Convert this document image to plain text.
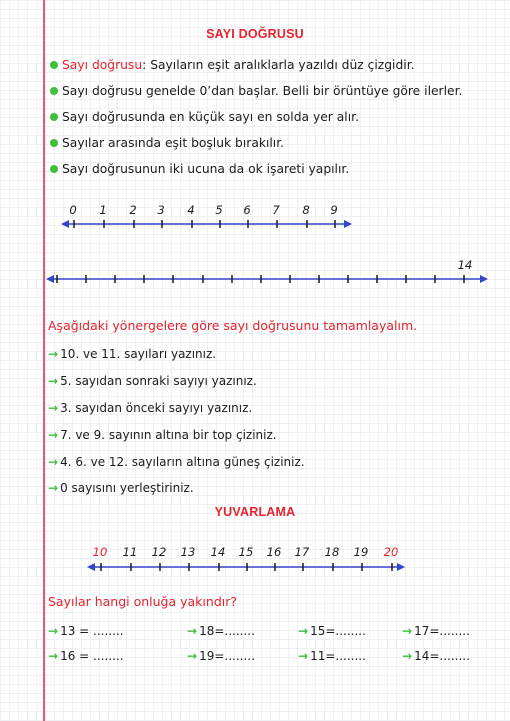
SAYI DOĞRUSU
Sayı doğrusu : Sayıların eşit aralıklarla yazıldı düz çizgidir.
Sayı doğrusu genelde 0’dan başlar. Belli bir örüntüye göre ilerler.
Sayı doğrusunda en küçük sayı en solda yer alır.
Sayılar arasında eşit boşluk bırakılır.
Sayı doğrusunun iki ucuna da ok işareti yapılır.
0 1 2 3 4 5 6 7 8 9
14
Aşağıdaki yönergelere göre sayı doğrusunu tamamlayalım.
→ 10. ve 11. sayıları yazınız.
→ 5. sayıdan sonraki sayıyı yazınız.
→ 3. sayıdan önceki sayıyı yazınız.
→ 7. ve 9. sayının altına bir top çiziniz.
→ 4. 6. ve 12. sayıların altına güneş çiziniz.
→ 0 sayısını yerleştiriniz.
YUVARLAMA
10 11 12 13 14 15 16 17 18 19 20
Sayılar hangi onluğa yakındır?
→ 13 = ........	→ 18=........	→ 15=........	→ 17=........
→ 16 = ........	→ 19=........	→ 11=........	→ 14=........
